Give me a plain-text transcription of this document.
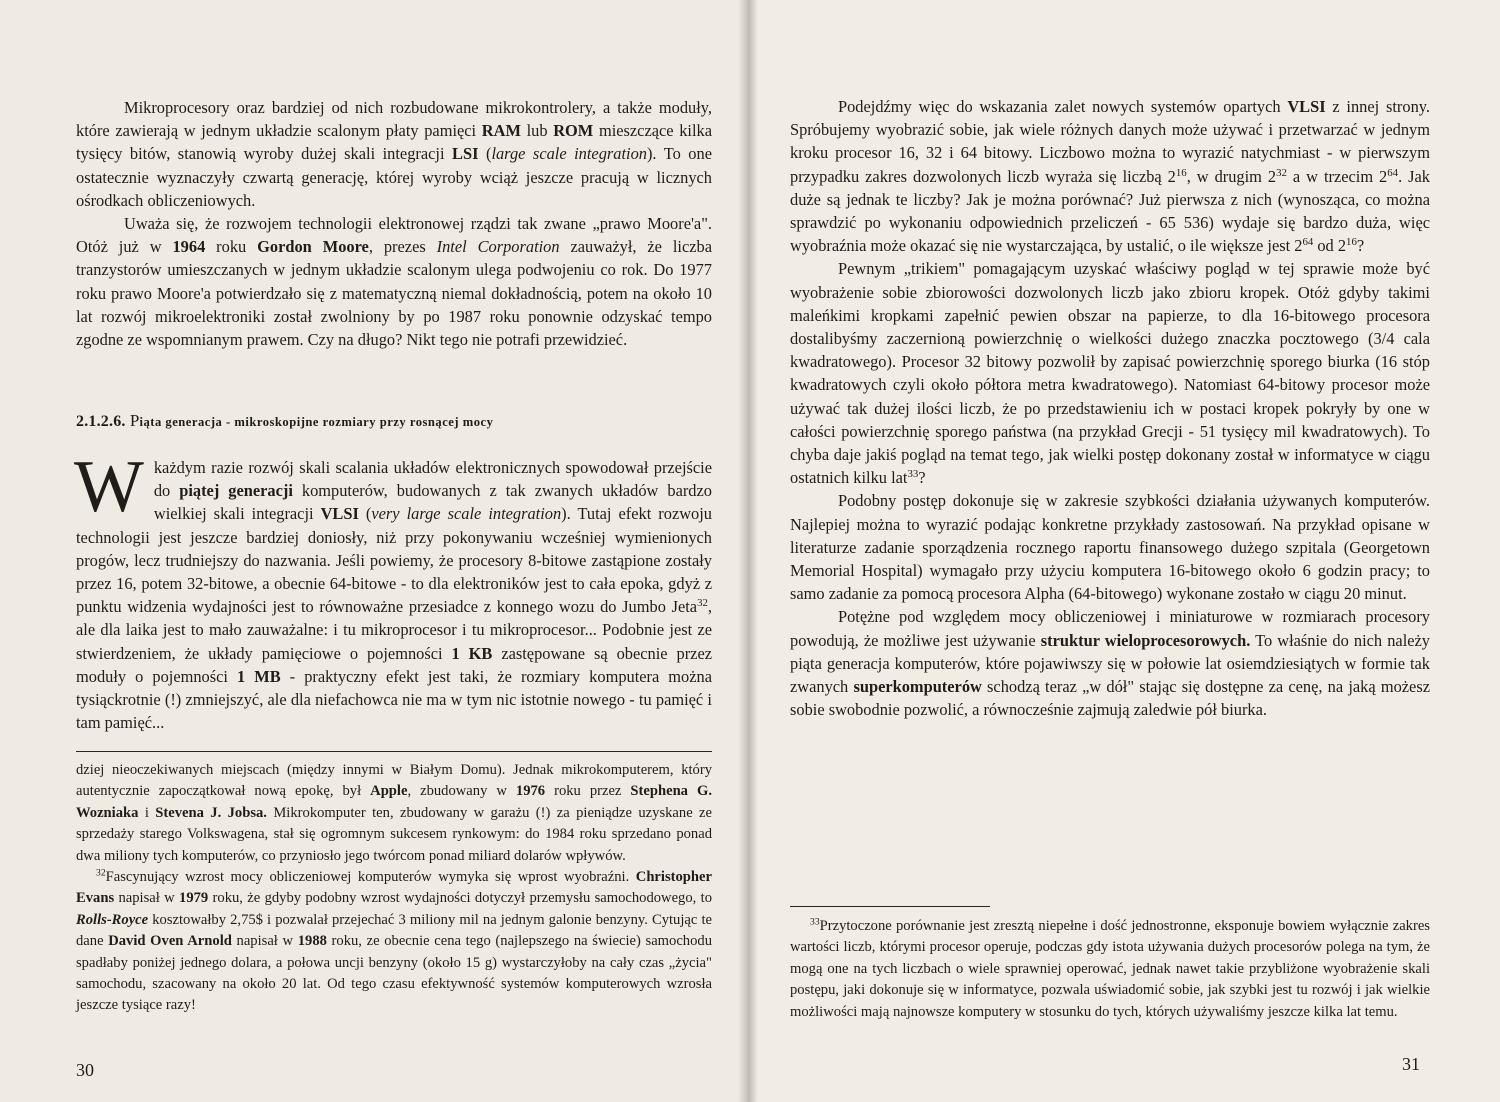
Mikroprocesory oraz bardziej od nich rozbudowane mikrokontrolery, a także moduły, które zawierają w jednym układzie scalonym płaty pamięci RAM lub ROM mieszczące kilka tysięcy bitów, stanowią wyroby dużej skali integracji LSI (large scale integration). To one ostatecznie wyznaczyły czwartą generację, której wyroby wciąż jeszcze pracują w licznych ośrodkach obliczeniowych.

Uważa się, że rozwojem technologii elektronowej rządzi tak zwane „prawo Moore'a". Otóż już w 1964 roku Gordon Moore, prezes Intel Corporation zauważył, że liczba tranzystorów umieszczanych w jednym układzie scalonym ulega podwojeniu co rok. Do 1977 roku prawo Moore'a potwierdzało się z matematyczną niemal dokładnością, potem na około 10 lat rozwój mikroelektroniki został zwolniony by po 1987 roku ponownie odzyskać tempo zgodne ze wspomnianym prawem. Czy na długo? Nikt tego nie potrafi przewidzieć.

2.1.2.6. Piąta generacja - mikroskopijne rozmiary przy rosnącej mocy

Wkażdym razie rozwój skali scalania układów elektronicznych spowodował przejście do piątej generacji komputerów, budowanych z tak zwanych układów bardzo wielkiej skali integracji VLSI (very large scale integration). Tutaj efekt rozwoju technologii jest jeszcze bardziej doniosły, niż przy pokonywaniu wcześniej wymienionych progów, lecz trudniejszy do nazwania. Jeśli powiemy, że procesory 8-bitowe zastąpione zostały przez 16, potem 32-bitowe, a obecnie 64-bitowe - to dla elektroników jest to cała epoka, gdyż z punktu widzenia wydajności jest to równoważne przesiadce z konnego wozu do Jumbo Jeta$^{32}$, ale dla laika jest to mało zauważalne: i tu mikroprocesor i tu mikroprocesor... Podobnie jest ze stwierdzeniem, że układy pamięciowe o pojemności 1 KB zastępowane są obecnie przez moduły o pojemności 1 MB - praktyczny efekt jest taki, że rozmiary komputera można tysiąckrotnie (!) zmniejszyć, ale dla niefachowca nie ma w tym nic istotnie nowego - tu pamięć i tam pamięć...

dziej nieoczekiwanych miejscach (między innymi w Białym Domu). Jednak mikrokomputerem, który autentycznie zapoczątkował nową epokę, był Apple, zbudowany w 1976 roku przez Stephena G. Wozniaka i Stevena J. Jobsa. Mikrokomputer ten, zbudowany w garażu (!) za pieniądze uzyskane ze sprzedaży starego Volkswagena, stał się ogromnym sukcesem rynkowym: do 1984 roku sprzedano ponad dwa miliony tych komputerów, co przyniosło jego twórcom ponad miliard dolarów wpływów.

$^{32}$Fascynujący wzrost mocy obliczeniowej komputerów wymyka się wprost wyobraźni. Christopher Evans napisał w 1979 roku, że gdyby podobny wzrost wydajności dotyczył przemysłu samochodowego, to Rolls-Royce kosztowałby 2,75$ i pozwalał przejechać 3 miliony mil na jednym galonie benzyny. Cytując te dane David Oven Arnold napisał w 1988 roku, ze obecnie cena tego (najlepszego na świecie) samochodu spadłaby poniżej jednego dolara, a połowa uncji benzyny (około 15 g) wystarczyłoby na cały czas „życia" samochodu, szacowany na około 20 lat. Od tego czasu efektywność systemów komputerowych wzrosła jeszcze tysiące razy!

30

Podejdźmy więc do wskazania zalet nowych systemów opartych VLSI z innej strony. Spróbujemy wyobrazić sobie, jak wiele różnych danych może używać i przetwarzać w jednym kroku procesor 16, 32 i 64 bitowy. Liczbowo można to wyrazić natychmiast - w pierwszym przypadku zakres dozwolonych liczb wyraża się liczbą $2^{16}$, w drugim $2^{32}$ a w trzecim $2^{64}$. Jak duże są jednak te liczby? Jak je można porównać? Już pierwsza z nich (wynosząca, co można sprawdzić po wykonaniu odpowiednich przeliczeń - 65 536) wydaje się bardzo duża, więc wyobraźnia może okazać się nie wystarczająca, by ustalić, o ile większe jest $2^{64}$ od $2^{16}$?

Pewnym „trikiem" pomagającym uzyskać właściwy pogląd w tej sprawie może być wyobrażenie sobie zbiorowości dozwolonych liczb jako zbioru kropek. Otóż gdyby takimi maleńkimi kropkami zapełnić pewien obszar na papierze, to dla 16-bitowego procesora dostalibyśmy zaczernioną powierzchnię o wielkości dużego znaczka pocztowego (3/4 cala kwadratowego). Procesor 32 bitowy pozwolił by zapisać powierzchnię sporego biurka (16 stóp kwadratowych czyli około półtora metra kwadratowego). Natomiast 64-bitowy procesor może używać tak dużej ilości liczb, że po przedstawieniu ich w postaci kropek pokryły by one w całości powierzchnię sporego państwa (na przykład Grecji - 51 tysięcy mil kwadratowych). To chyba daje jakiś pogląd na temat tego, jak wielki postęp dokonany został w informatyce w ciągu ostatnich kilku lat$^{33}$?

Podobny postęp dokonuje się w zakresie szybkości działania używanych komputerów. Najlepiej można to wyrazić podając konkretne przykłady zastosowań. Na przykład opisane w literaturze zadanie sporządzenia rocznego raportu finansowego dużego szpitala (Georgetown Memorial Hospital) wymagało przy użyciu komputera 16-bitowego około 6 godzin pracy; to samo zadanie za pomocą procesora Alpha (64-bitowego) wykonane zostało w ciągu 20 minut.

Potężne pod względem mocy obliczeniowej i miniaturowe w rozmiarach procesory powodują, że możliwe jest używanie struktur wieloprocesorowych. To właśnie do nich należy piąta generacja komputerów, które pojawiwszy się w połowie lat osiemdziesiątych w formie tak zwanych superkomputerów schodzą teraz „w dół" stając się dostępne za cenę, na jaką możesz sobie swobodnie pozwolić, a równocześnie zajmują zaledwie pół biurka.

$^{33}$Przytoczone porównanie jest zresztą niepełne i dość jednostronne, eksponuje bowiem wyłącznie zakres wartości liczb, którymi procesor operuje, podczas gdy istota używania dużych procesorów polega na tym, że mogą one na tych liczbach o wiele sprawniej operować, jednak nawet takie przybliżone wyobrażenie skali postępu, jaki dokonuje się w informatyce, pozwala uświadomić sobie, jak szybki jest tu rozwój i jak wielkie możliwości mają najnowsze komputery w stosunku do tych, których używaliśmy jeszcze kilka lat temu.

31
